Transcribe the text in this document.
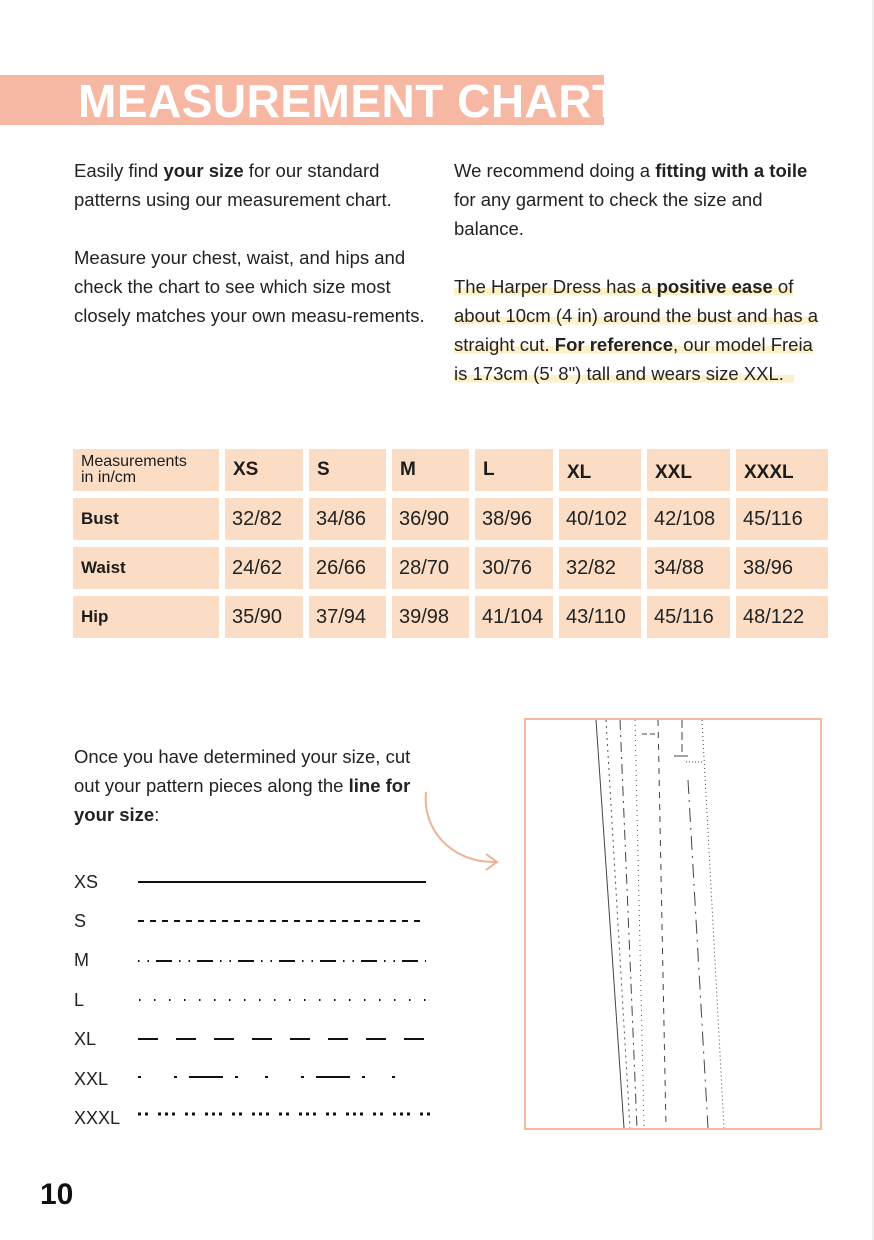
MEASUREMENT CHART
Easily find your size for our standard patterns using our measurement chart.
Measure your chest, waist, and hips and check the chart to see which size most closely matches your own measu-rements.
We recommend doing a fitting with a toile for any garment to check the size and balance.
The Harper Dress has a positive ease of about 10cm (4 in) around the bust and has a straight cut. For reference, our model Freia is 173cm (5' 8") tall and wears size XXL.
Measurements
in in/cm	XS	S	M	L	XL	XXL	XXXL
Bust	32/82	34/86	36/90	38/96	40/102	42/108	45/116
Waist	24/62	26/66	28/70	30/76	32/82	34/88	38/96
Hip	35/90	37/94	39/98	41/104	43/110	45/116	48/122
Once you have determined your size, cut out your pattern pieces along the line for your size:
XS
S
M
L
XL
XXL
XXXL
10
